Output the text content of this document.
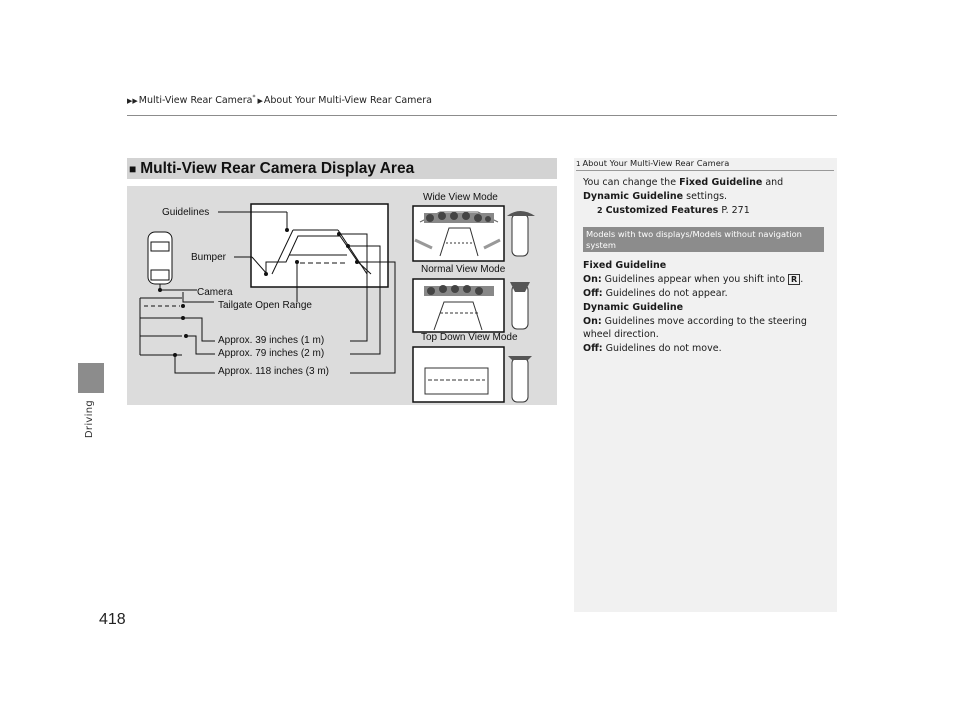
▶▶Multi-View Rear Camera* ▶About Your Multi-View Rear Camera
Driving
418
■ Multi-View Rear Camera Display Area
Guidelines
Bumper
Camera
Tailgate Open Range
Approx. 39 inches (1 m)
Approx. 79 inches (2 m)
Approx. 118 inches (3 m)
Wide View Mode
Normal View Mode
Top Down View Mode
1 About Your Multi-View Rear Camera
You can change the Fixed Guideline and Dynamic Guideline settings.
2 Customized Features P. 271
Models with two displays/Models without navigation system
Fixed Guideline
On: Guidelines appear when you shift into R .
Off: Guidelines do not appear.
Dynamic Guideline
On: Guidelines move according to the steering wheel direction.
Off: Guidelines do not move.
